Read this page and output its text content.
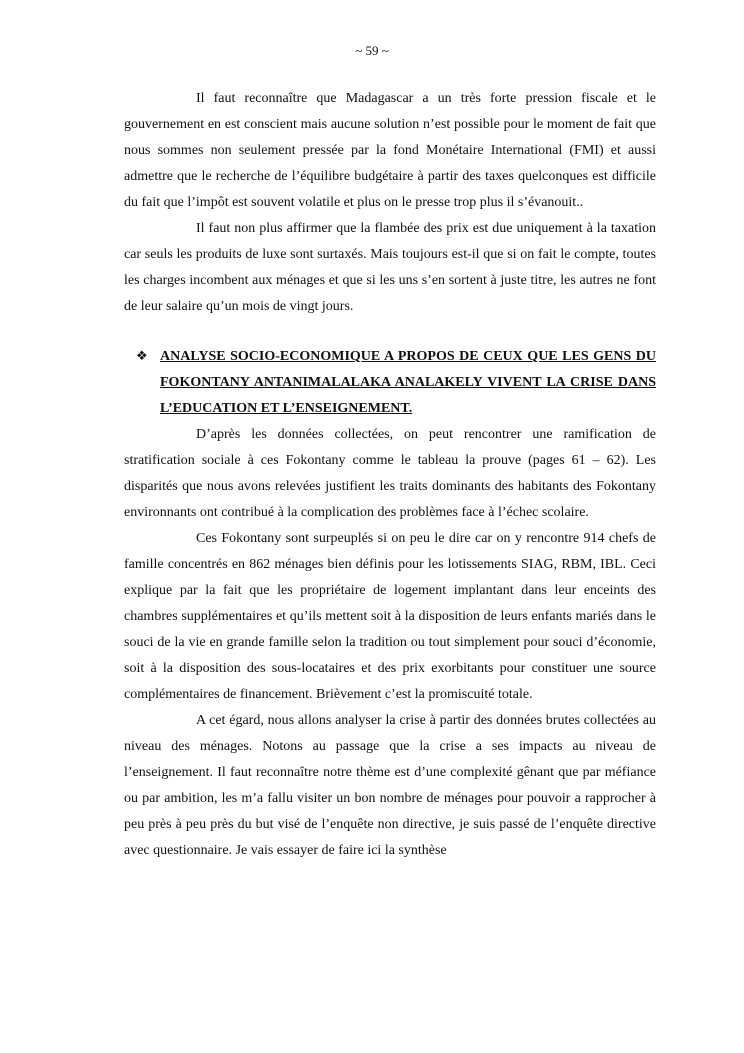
~ 59 ~

Il faut reconnaître que Madagascar a un très forte pression fiscale et le gouvernement en est conscient mais aucune solution n’est possible pour le moment de fait que nous sommes non seulement pressée par la fond Monétaire International (FMI) et aussi admettre que le recherche de l’équilibre budgétaire à partir des taxes quelconques est difficile du fait que l’impôt est souvent volatile et plus on le presse trop plus il s’évanouit..

Il faut non plus affirmer que la flambée des prix est due uniquement à la taxation car seuls les produits de luxe sont surtaxés. Mais toujours est-il que si on fait le compte, toutes les charges incombent aux ménages et que si les uns s’en sortent à juste titre, les autres ne font de leur salaire qu’un mois de vingt jours.

❖ ANALYSE SOCIO-ECONOMIQUE A PROPOS DE CEUX QUE LES GENS DU FOKONTANY ANTANIMALALAKA ANALAKELY VIVENT LA CRISE DANS L’EDUCATION ET L’ENSEIGNEMENT.

D’après les données collectées, on peut rencontrer une ramification de stratification sociale à ces Fokontany comme le tableau la prouve (pages 61 – 62). Les disparités que nous avons relevées justifient les traits dominants des habitants des Fokontany environnants ont contribué à la complication des problèmes face à l’échec scolaire.

Ces Fokontany sont surpeuplés si on peu le dire car on y rencontre 914 chefs de famille concentrés en 862 ménages bien définis pour les lotissements SIAG, RBM, IBL. Ceci explique par la fait que les propriétaire de logement implantant dans leur enceints des chambres supplémentaires et qu’ils mettent soit à la disposition de leurs enfants mariés dans le souci de la vie en grande famille selon la tradition ou tout simplement pour souci d’économie, soit à la disposition des sous-locataires et des prix exorbitants pour constituer une source complémentaires de financement. Brièvement c’est la promiscuité totale.

A cet égard, nous allons analyser la crise à partir des données brutes collectées au niveau des ménages. Notons au passage que la crise a ses impacts au niveau de l’enseignement. Il faut reconnaître notre thème est d’une complexité gênant que par méfiance ou par ambition, les m’a fallu visiter un bon nombre de ménages pour pouvoir a rapprocher à peu près à peu près du but visé de l’enquête non directive, je suis passé de l’enquête directive avec questionnaire. Je vais essayer de faire ici la synthèse
